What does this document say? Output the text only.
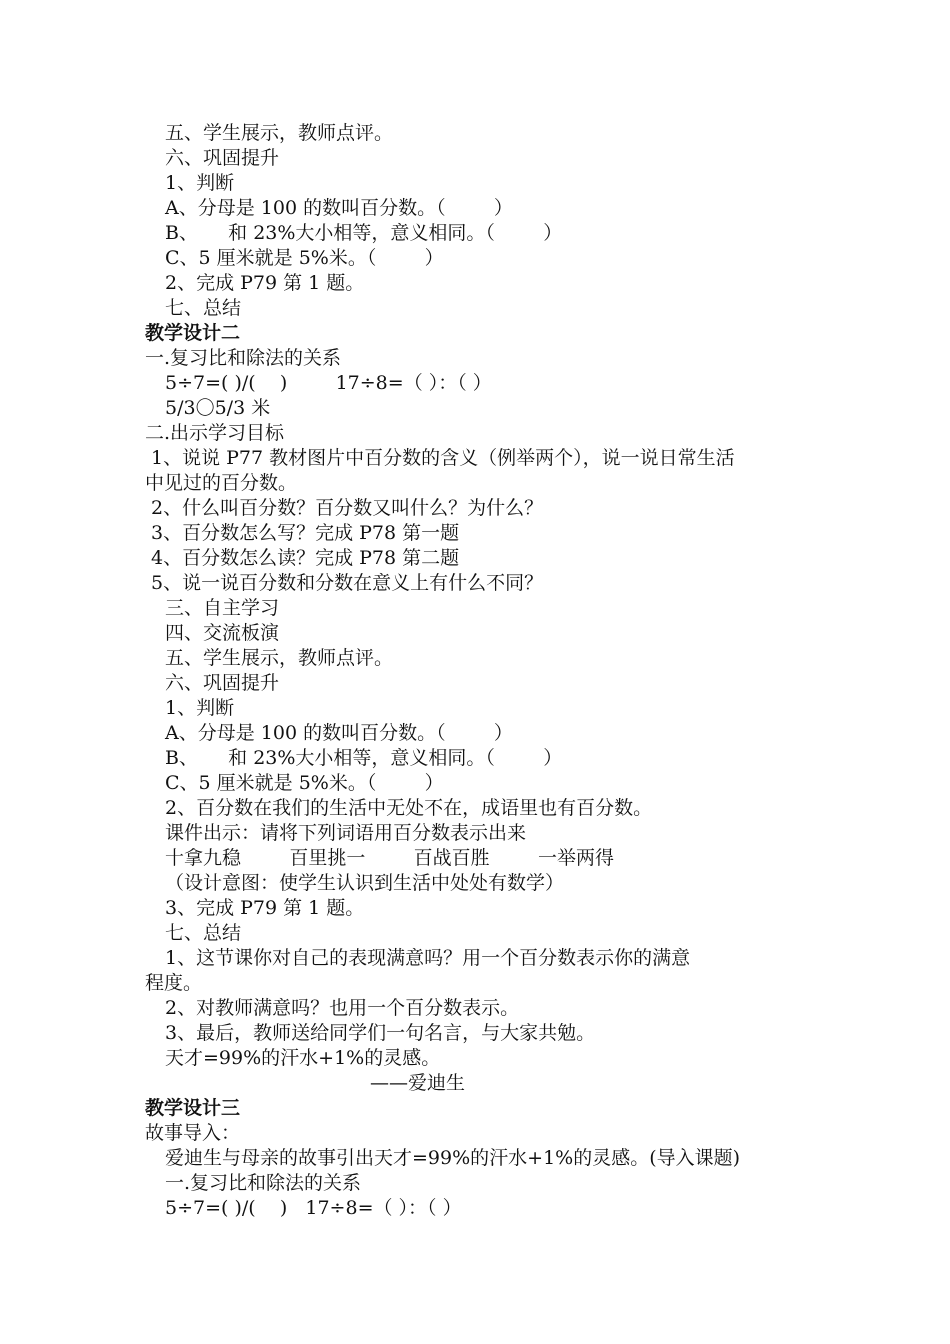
五、学生展示，教师点评。
六、巩固提升
1、判断
A、分母是 100 的数叫百分数。（        ）
B、     和 23%大小相等，意义相同。（        ）
C、5 厘米就是 5%米。（        ）
2、完成 P79 第 1 题。
七、总结
教学设计二
一.复习比和除法的关系
5÷7=( )/(    )        17÷8=（ ）：（ ）
5/3〇5/3 米
二.出示学习目标
1、说说 P77 教材图片中百分数的含义（例举两个），说一说日常生活
中见过的百分数。
2、什么叫百分数？百分数又叫什么？为什么？
3、百分数怎么写？完成 P78 第一题
4、百分数怎么读？完成 P78 第二题
5、说一说百分数和分数在意义上有什么不同？
三、自主学习
四、交流板演
五、学生展示，教师点评。
六、巩固提升
1、判断
A、分母是 100 的数叫百分数。（        ）
B、     和 23%大小相等，意义相同。（        ）
C、5 厘米就是 5%米。（        ）
2、百分数在我们的生活中无处不在，成语里也有百分数。
课件出示：请将下列词语用百分数表示出来
十拿九稳        百里挑一        百战百胜        一举两得
（设计意图：使学生认识到生活中处处有数学）
3、完成 P79 第 1 题。
七、总结
1、这节课你对自己的表现满意吗？用一个百分数表示你的满意
程度。
2、对教师满意吗？也用一个百分数表示。
3、最后，教师送给同学们一句名言，与大家共勉。
天才=99%的汗水+1%的灵感。
——爱迪生
教学设计三
故事导入：
爱迪生与母亲的故事引出天才=99%的汗水+1%的灵感。(导入课题)
一.复习比和除法的关系
5÷7=( )/(    )   17÷8=（ ）：（ ）
